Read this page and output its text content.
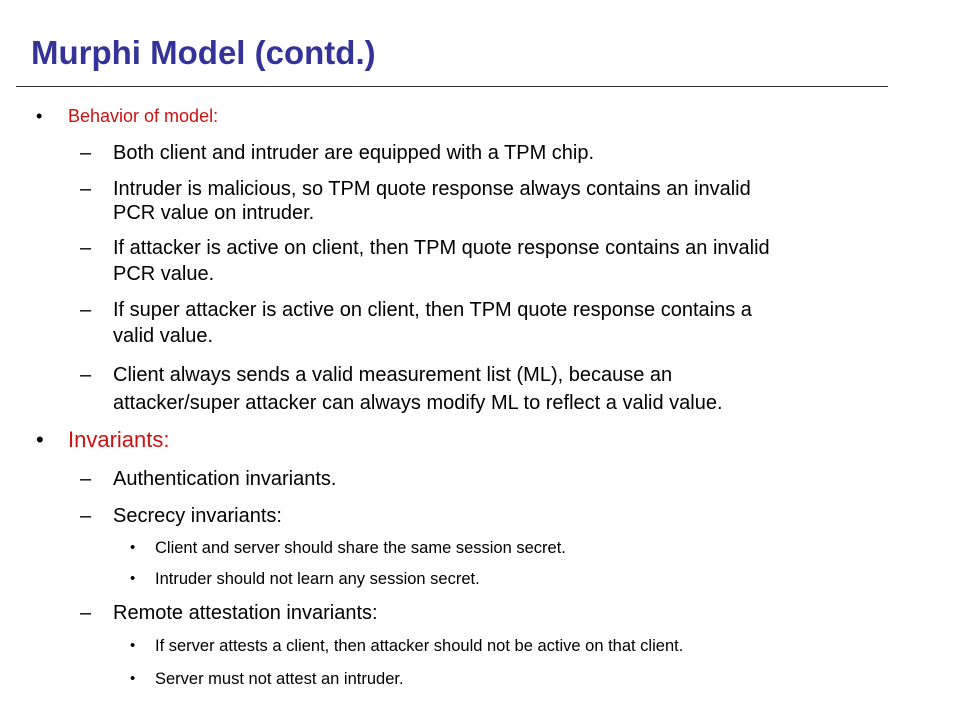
Murphi Model (contd.)
• Behavior of model:
– Both client and intruder are equipped with a TPM chip.
– Intruder is malicious, so TPM quote response always contains an invalid
PCR value on intruder.
– If attacker is active on client, then TPM quote response contains an invalid
PCR value.
– If super attacker is active on client, then TPM quote response contains a
valid value.
– Client always sends a valid measurement list (ML), because an
attacker/super attacker can always modify ML to reflect a valid value.
• Invariants:
– Authentication invariants.
– Secrecy invariants:
• Client and server should share the same session secret.
• Intruder should not learn any session secret.
– Remote attestation invariants:
• If server attests a client, then attacker should not be active on that client.
• Server must not attest an intruder.
